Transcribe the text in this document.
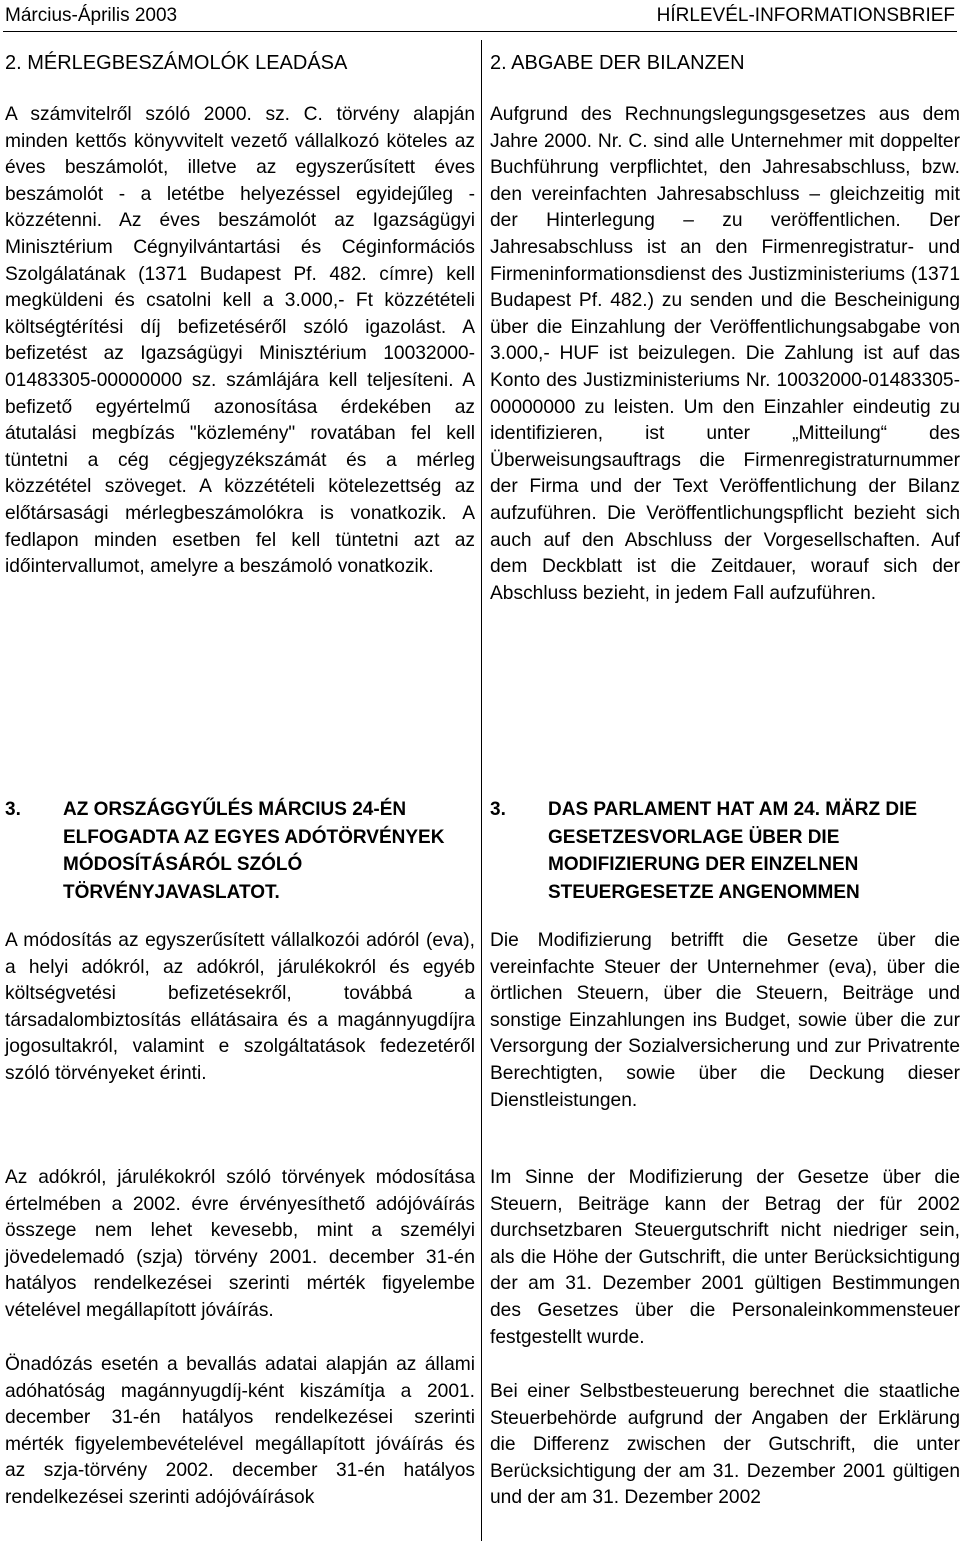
Március-Április 2003	HÍRLEVÉL-INFORMATIONSBRIEF
2. MÉRLEGBESZÁMOLÓK LEADÁSA	2. ABGABE DER BILANZEN

A számvitelről szóló 2000. sz. C. törvény alapján minden kettős könyvvitelt vezető vállalkozó köteles az éves beszámolót, illetve az egyszerűsített éves beszámolót - a letétbe helyezéssel egyidejűleg - közzétenni. Az éves beszámolót az Igazságügyi Minisztérium Cégnyilvántartási és Céginformációs Szolgálatának (1371 Budapest Pf. 482. címre) kell megküldeni és csatolni kell a 3.000,- Ft közzétételi költségtérítési díj befizetéséről szóló igazolást. A befizetést az Igazságügyi Minisztérium 10032000-01483305-00000000 sz. számlájára kell teljesíteni. A befizető egyértelmű azonosítása érdekében az átutalási megbízás "közlemény" rovatában fel kell tüntetni a cég cégjegyzékszámát és a mérleg közzététel szöveget. A közzétételi kötelezettség az előtársasági mérlegbeszámolókra is vonatkozik. A fedlapon minden esetben fel kell tüntetni azt az időintervallumot, amelyre a beszámoló vonatkozik.

Aufgrund des Rechnungslegungsgesetzes aus dem Jahre 2000. Nr. C. sind alle Unternehmer mit doppelter Buchführung verpflichtet, den Jahresabschluss, bzw. den vereinfachten Jahresabschluss – gleichzeitig mit der Hinterlegung – zu veröffentlichen. Der Jahresabschluss ist an den Firmenregistratur- und Firmeninformationsdienst des Justizministeriums (1371 Budapest Pf. 482.) zu senden und die Bescheinigung über die Einzahlung der Veröffentlichungsabgabe von 3.000,- HUF ist beizulegen. Die Zahlung ist auf das Konto des Justizministeriums Nr. 10032000-01483305-00000000 zu leisten. Um den Einzahler eindeutig zu identifizieren, ist unter „Mitteilung“ des Überweisungsauftrags die Firmenregistraturnummer der Firma und der Text Veröffentlichung der Bilanz aufzuführen. Die Veröffentlichungspflicht bezieht sich auch auf den Abschluss der Vorgesellschaften. Auf dem Deckblatt ist die Zeitdauer, worauf sich der Abschluss bezieht, in jedem Fall aufzuführen.

3. AZ ORSZÁGGYŰLÉS MÁRCIUS 24-ÉN ELFOGADTA AZ EGYES ADÓTÖRVÉNYEK MÓDOSÍTÁSÁRÓL SZÓLÓ TÖRVÉNYJAVASLATOT.
3. DAS PARLAMENT HAT AM 24. MÄRZ DIE GESETZESVORLAGE ÜBER DIE MODIFIZIERUNG DER EINZELNEN STEUERGESETZE ANGENOMMEN

A módosítás az egyszerűsített vállalkozói adóról (eva), a helyi adókról, az adókról, járulékokról és egyéb költségvetési befizetésekről, továbbá a társadalombiztosítás ellátásaira és a magánnyugdíjra jogosultakról, valamint e szolgáltatások fedezetéről szóló törvényeket érinti.

Die Modifizierung betrifft die Gesetze über die vereinfachte Steuer der Unternehmer (eva), über die örtlichen Steuern, über die Steuern, Beiträge und sonstige Einzahlungen ins Budget, sowie über die zur Versorgung der Sozialversicherung und zur Privatrente Berechtigten, sowie über die Deckung dieser Dienstleistungen.

Az adókról, járulékokról szóló törvények módosítása értelmében a 2002. évre érvényesíthető adójóváírás összege nem lehet kevesebb, mint a személyi jövedelemadó (szja) törvény 2001. december 31-én hatályos rendelkezései szerinti mérték figyelembe vételével megállapított jóváírás.

Im Sinne der Modifizierung der Gesetze über die Steuern, Beiträge kann der Betrag der für 2002 durchsetzbaren Steuergutschrift nicht niedriger sein, als die Höhe der Gutschrift, die unter Berücksichtigung der am 31. Dezember 2001 gültigen Bestimmungen des Gesetzes über die Personaleinkommensteuer festgestellt wurde.

Önadózás esetén a bevallás adatai alapján az állami adóhatóság magánnyugdíj-ként kiszámítja a 2001. december 31-én hatályos rendelkezései szerinti mérték figyelembevételével megállapított jóváírás és az szja-törvény 2002. december 31-én hatályos rendelkezései szerinti adójóváírások

Bei einer Selbstbesteuerung berechnet die staatliche Steuerbehörde aufgrund der Angaben der Erklärung die Differenz zwischen der Gutschrift, die unter Berücksichtigung der am 31. Dezember 2001 gültigen und der am 31. Dezember 2002
